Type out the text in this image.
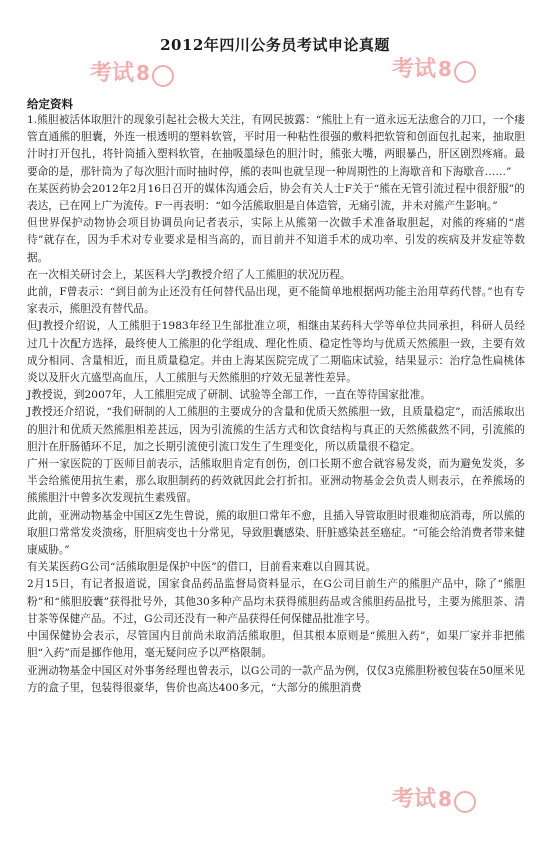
2012年四川公务员考试申论真题
考试 8	考试 8
考试 8
给定资料

1.熊胆被活体取胆汁的现象引起社会极大关注，有网民披露：“熊肚上有一道永远无法愈合的刀口，一个瘘管直通熊的胆囊，外连一根透明的塑料软管，平时用一种粘性很强的敷料把软管和创面包扎起来，抽取胆汁时打开包扎，将针筒插入塑料软管，在抽吸墨绿色的胆汁时，熊张大嘴，两眼暴凸，肝区剧烈疼痛。最要命的是，那针筒为了每次胆汁而时抽时停，熊的表叫也就呈现一种周期性的上海歇音和下海歇音……”

在某医药协会2012年2月16日召开的媒体沟通会后，协会有关人士F关于“熊在无管引流过程中很舒服”的表达，已在网上广为流传。F一再表明：“如今活熊取胆是自体造管，无痛引流，并未对熊产生影响。”

但世界保护动物协会项目协调员向记者表示，实际上从熊第一次做手术准备取胆起，对熊的疼痛的“虐待”就存在，因为手术对专业要求是相当高的，而目前并不知道手术的成功率、引发的疾病及并发症等数据。

在一次相关研讨会上，某医科大学J教授介绍了人工熊胆的状况历程。

此前，F曾表示：“到目前为止还没有任何替代品出现，更不能简单地根据两功能主治用草药代替。”也有专家表示，熊胆没有替代品。

但J教授介绍说，人工熊胆于1983年经卫生部批准立项，相继由某药科大学等单位共同承担，科研人员经过几十次配方选择，最终使人工熊胆的化学组成、理化性质、稳定性等均与优质天然熊胆一致，主要有效成分相同、含量相近，而且质量稳定。并由上海某医院完成了二期临床试验，结果显示：治疗急性扁桃体炎以及肝火亢盛型高血压，人工熊胆与天然熊胆的疗效无显著性差异。

J教授说，到2007年，人工熊胆完成了研制、试验等全部工作，一直在等待国家批准。

J教授还介绍说，“我们研制的人工熊胆的主要成分的含量和优质天然熊胆一致，且质量稳定”，而活熊取出的胆汁和优质天然熊胆相差甚远，因为引流熊的生活方式和饮食结构与真正的天然熊截然不同，引流熊的胆汁在肝肠循环不足，加之长期引流使引流口发生了生理变化，所以质量很不稳定。

广州一家医院的丁医师目前表示，活熊取胆肯定有创伤，创口长期不愈合就容易发炎，而为避免发炎，多半会给熊使用抗生素，那么取胆制药的药效就因此会打折扣。亚洲动物基金会负责人则表示，在养熊场的熊熊胆汁中曾多次发现抗生素残留。

此前，亚洲动物基金中国区Z先生曾说，熊的取胆口常年不愈，且插入导管取胆时很难彻底消毒，所以熊的取胆口常常发炎溃疡，肝胆病变也十分常见，导致胆囊感染、肝脏感染甚至癌症。“可能会给消费者带来健康威胁。”

有关某医药G公司“活熊取胆是保护中医”的借口，目前看来难以自圆其说。

2月15日，有记者报道说，国家食品药品监督局资料显示，在G公司目前生产的熊胆产品中，除了“熊胆粉”和“熊胆胶囊”获得批号外，其他30多种产品均未获得熊胆药品或含熊胆药品批号，主要为熊胆茶、清甘茶等保健产品。不过，G公司还没有一种产品获得任何保健品批准字号。

中国保健协会表示，尽管国内目前尚未取消活熊取胆，但其根本原则是“熊胆入药”，如果厂家并非把熊胆“入药”而是挪作他用，毫无疑问应予以严格限制。

亚洲动物基金中国区对外事务经理也曾表示，以G公司的一款产品为例，仅仅3克熊胆粉被包装在50厘米见方的盒子里，包装得很豪华，售价也高达400多元，“大部分的熊胆消费
